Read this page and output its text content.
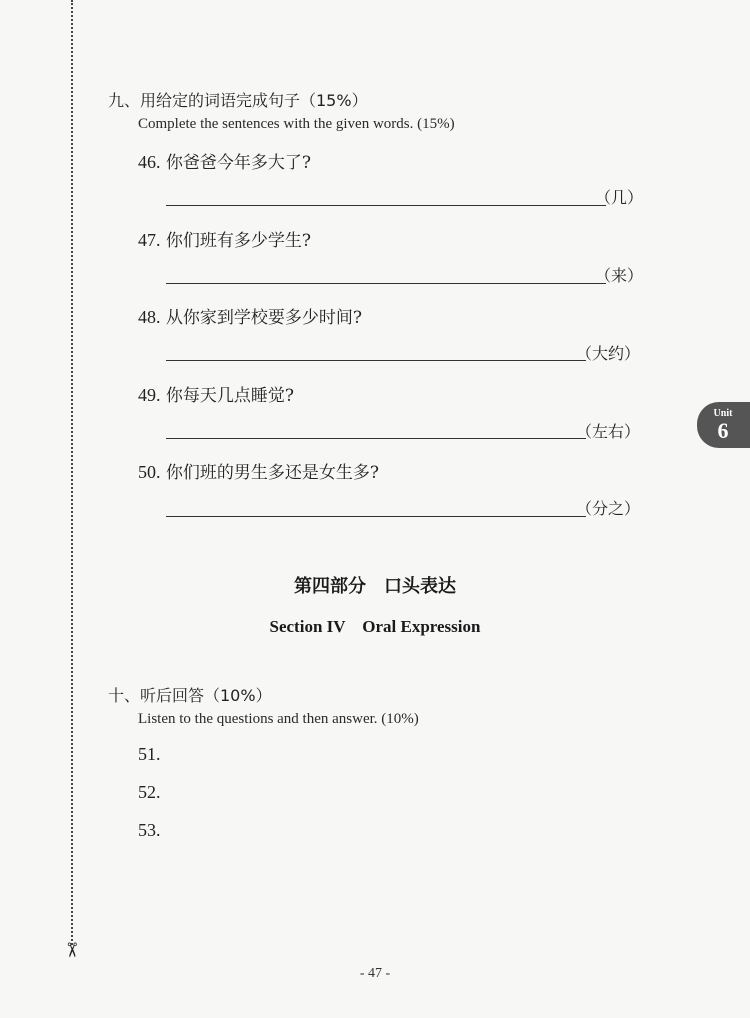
✂
九、用给定的词语完成句子（15%）
Complete the sentences with the given words. (15%)
46. 你爸爸今年多大了?
（几）
47. 你们班有多少学生?
（来）
48. 从你家到学校要多少时间?
（大约）
49. 你每天几点睡觉?
（左右）
50. 你们班的男生多还是女生多?
（分之）
第四部分　口头表达
Section IV　Oral Expression
十、听后回答（10%）
Listen to the questions and then answer. (10%)
51.
52.
53.
Unit
6
- 47 -
